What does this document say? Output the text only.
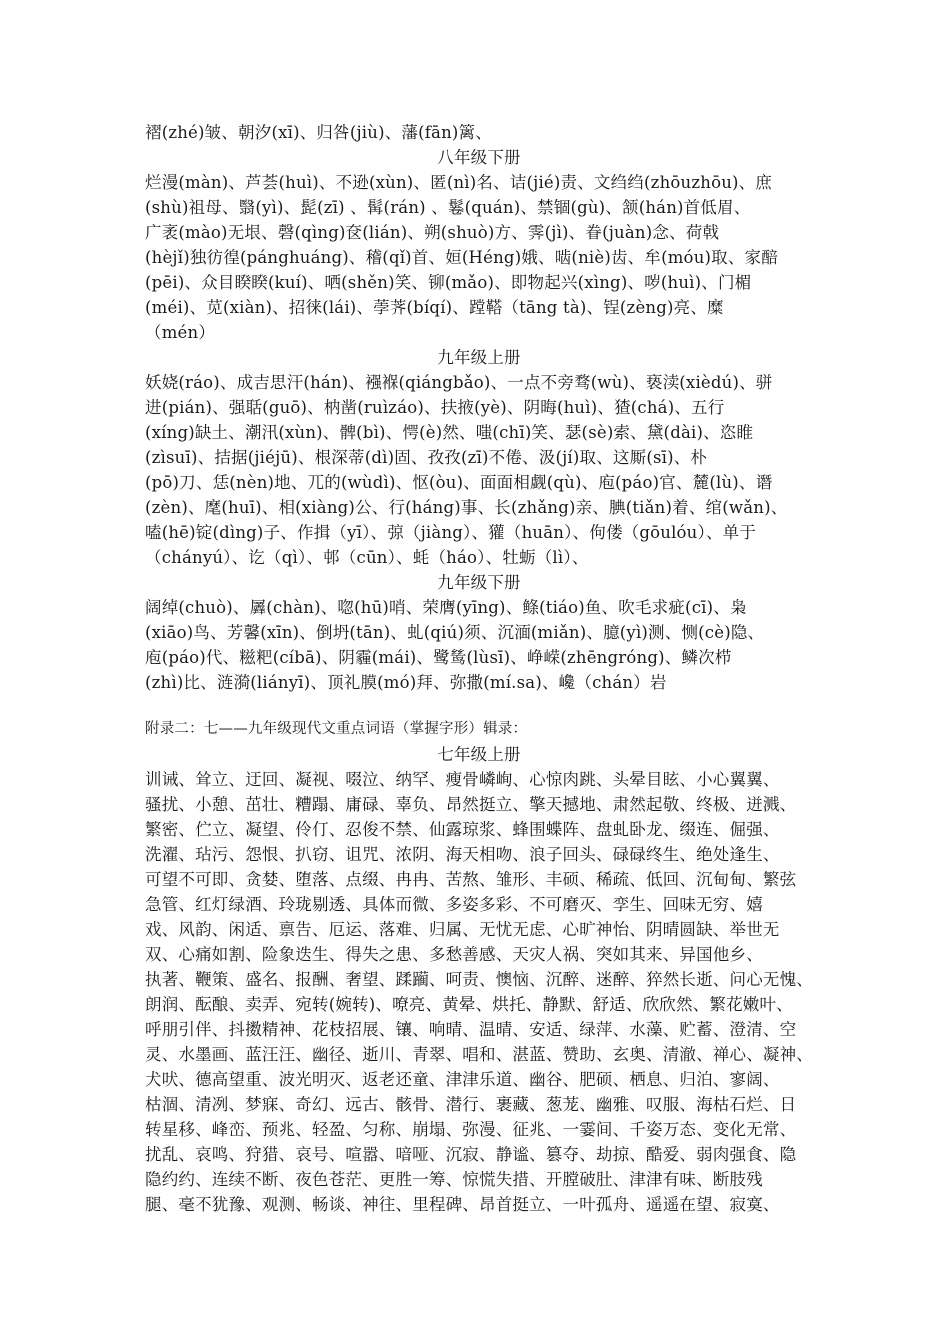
褶(zhé)皱、朝汐(xī)、归咎(jiù)、藩(fān)篱、
八年级下册
烂漫(màn)、芦荟(huì)、不逊(xùn)、匿(nì)名、诘(jié)责、文绉绉(zhōuzhōu)、庶
(shù)祖母、翳(yì)、髭(zī) 、髯(rán) 、鬈(quán)、禁锢(gù)、颔(hán)首低眉、
广袤(mào)无垠、磬(qìng)奁(lián)、朔(shuò)方、霁(jì)、眷(juàn)念、荷戟
(hèjǐ)独彷徨(pánghuáng)、稽(qǐ)首、姮(Héng)娥、啮(niè)齿、牟(móu)取、家醅
(pēi)、众目睽睽(kuí)、哂(shěn)笑、铆(mǎo)、即物起兴(xìng)、哕(huì)、门楣
(méi)、苋(xiàn)、招徕(lái)、荸荠(bíqí)、蹚鞳（tāng tà)、锃(zèng)亮、糜
（mén）
九年级上册
妖娆(ráo)、成吉思汗(hán)、襁褓(qiángbǎo)、一点不旁骛(wù)、亵渎(xièdú)、骈
进(pián)、强聒(guō)、枘凿(ruìzáo)、扶掖(yè)、阴晦(huì)、猹(chá)、五行
(xíng)缺土、潮汛(xùn)、髀(bì)、愕(è)然、嗤(chī)笑、瑟(sè)索、黛(dài)、恣睢
(zìsuī)、拮据(jiéjū)、根深蒂(dì)固、孜孜(zī)不倦、汲(jí)取、这厮(sī)、朴
(pō)刀、恁(nèn)地、兀的(wùdì)、怄(òu)、面面相觑(qù)、庖(páo)官、麓(lù)、谮
(zèn)、麾(huī)、相(xiàng)公、行(háng)事、长(zhǎng)亲、腆(tiǎn)着、绾(wǎn)、
嗑(hē)锭(dìng)子、作揖（yī）、弶（jiàng）、獾（huān）、佝偻（gōulóu）、单于
（chányú）、讫（qì）、邨（cūn）、蚝（háo）、牡蛎（lì）、
九年级下册
阔绰(chuò)、羼(chàn)、唿(hū)哨、荣膺(yīng)、鲦(tiáo)鱼、吹毛求疵(cī)、枭
(xiāo)鸟、芳馨(xīn)、倒坍(tān)、虬(qiú)须、沉湎(miǎn)、臆(yì)测、恻(cè)隐、
庖(páo)代、糍粑(cíbā)、阴霾(mái)、鹭鸶(lùsī)、峥嵘(zhēngróng)、鳞次栉
(zhì)比、涟漪(liányī)、顶礼膜(mó)拜、弥撒(mí.sa)、巉（chán）岩
附录二：七——九年级现代文重点词语（掌握字形）辑录：
七年级上册
训诫、耸立、迂回、凝视、啜泣、纳罕、瘦骨嶙峋、心惊肉跳、头晕目眩、小心翼翼、
骚扰、小憩、茁壮、糟蹋、庸碌、辜负、昂然挺立、擎天撼地、肃然起敬、终极、迸溅、
繁密、伫立、凝望、伶仃、忍俊不禁、仙露琼浆、蜂围蝶阵、盘虬卧龙、缀连、倔强、
洗濯、玷污、怨恨、扒窃、诅咒、浓阴、海天相吻、浪子回头、碌碌终生、绝处逢生、
可望不可即、贪婪、堕落、点缀、冉冉、苦熬、雏形、丰硕、稀疏、低回、沉甸甸、繁弦
急管、红灯绿酒、玲珑剔透、具体而微、多姿多彩、不可磨灭、孪生、回味无穷、嬉
戏、风韵、闲适、禀告、厄运、落难、归属、无忧无虑、心旷神怡、阴晴圆缺、举世无
双、心痛如割、险象迭生、得失之患、多愁善感、天灾人祸、突如其来、异国他乡、
执著、鞭策、盛名、报酬、奢望、蹂躏、呵责、懊恼、沉醉、迷醉、猝然长逝、问心无愧、
朗润、酝酿、卖弄、宛转(婉转)、嘹亮、黄晕、烘托、静默、舒适、欣欣然、繁花嫩叶、
呼朋引伴、抖擞精神、花枝招展、镶、响晴、温晴、安适、绿萍、水藻、贮蓄、澄清、空
灵、水墨画、蓝汪汪、幽径、逝川、青翠、唱和、湛蓝、赞助、玄奥、清澈、禅心、凝神、
犬吠、德高望重、波光明灭、返老还童、津津乐道、幽谷、肥硕、栖息、归泊、寥阔、
枯涸、清冽、梦寐、奇幻、远古、骸骨、潜行、裹藏、葱茏、幽雅、叹服、海枯石烂、日
转星移、峰峦、预兆、轻盈、匀称、崩塌、弥漫、征兆、一霎间、千姿万态、变化无常、
扰乱、哀鸣、狩猎、哀号、喧嚣、喑哑、沉寂、静谧、篡夺、劫掠、酷爱、弱肉强食、隐
隐约约、连续不断、夜色苍茫、更胜一筹、惊慌失措、开膛破肚、津津有味、断肢残
腿、毫不犹豫、观测、畅谈、神往、里程碑、昂首挺立、一叶孤舟、遥遥在望、寂寞、
